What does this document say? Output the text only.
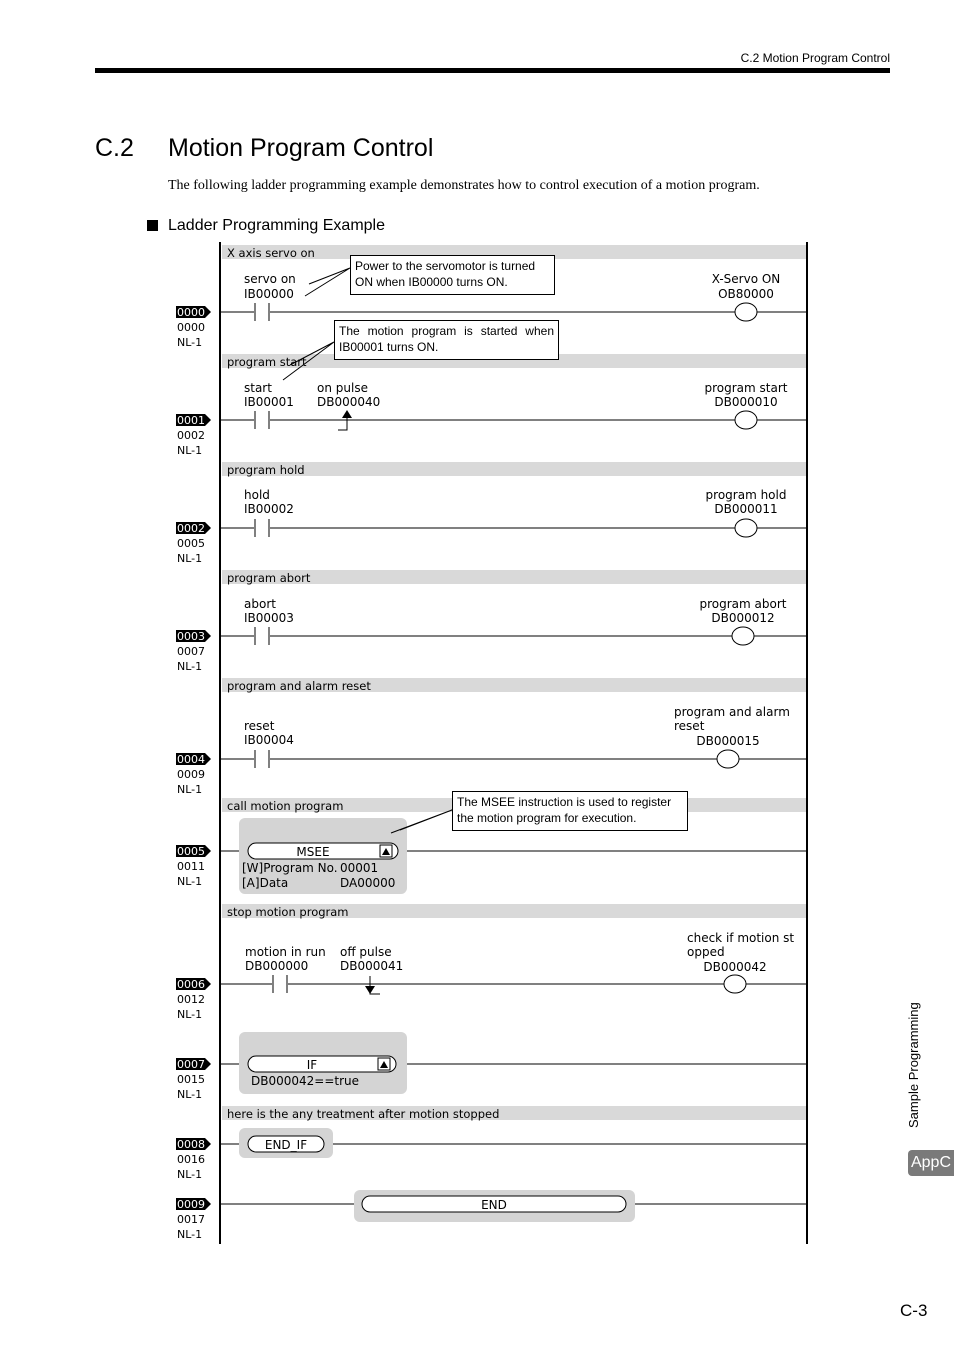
C.2 Motion Program Control
C.2 Motion Program Control
The following ladder programming example demonstrates how to control execution of a motion program.
Ladder Programming Example
X axis servo on
program start
program hold
program abort
program and alarm reset
call motion program
stop motion program
here is the any treatment after motion stopped
0000
0000
NL-1
servo on
IB00000
X-Servo ON
OB80000
0001
0002
NL-1
start
IB00001
on pulse
DB000040
program start
DB000010
0002
0005
NL-1
hold
IB00002
program hold
DB000011
0003
0007
NL-1
abort
IB00003
program abort
DB000012
0004
0009
NL-1
reset
IB00004
program and alarm
reset
DB000015
0005
0011
NL-1
MSEE
[W]Program No. 00001
[A]Data	DA00000
0006
0012
NL-1
motion in run
DB000000
off pulse
DB000041
check if motion st
opped
DB000042
0007
0015
NL-1
IF
DB000042==true
0008
0016
NL-1
END_IF
0009
0017
NL-1
END
Power to the servomotor is turned ON when IB00000 turns ON.
The motion program is started when IB00001 turns ON.
The MSEE instruction is used to register the motion program for execution.
Sample Programming
AppC
C-3
